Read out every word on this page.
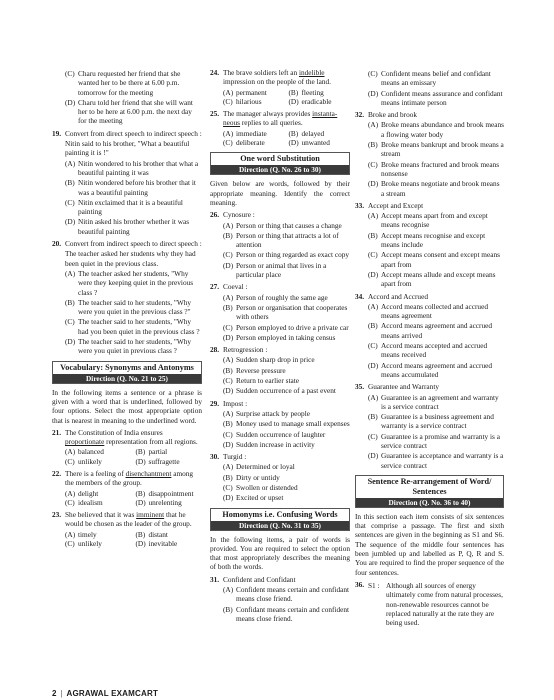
(C) Charu requested her friend that she wanted her to be there at 6.00 p.m. tomorrow for the meeting
(D) Charu told her friend that she will want her to be here at 6.00 p.m. the next day for the meeting
19. Convert from direct speech to indirect speech :
Nitin said to his brother, "What a beautiful painting it is !"
(A) Nitin wondered to his brother that what a beautiful painting it was
(B) Nitin wondered before his brother that it was a beautiful painting
(C) Nitin exclaimed that it is a beautiful painting
(D) Nitin asked his brother whether it was beautiful painting
20. Convert from indirect speech to direct speech :
The teacher asked her students why they had been quiet in the previous class.
(A) The teacher asked her students, "Why were they keeping quiet in the previous class ?
(B) The teacher said to her students, "Why were you quiet in the previous class ?"
(C) The teacher said to her students, "Why had you been quiet in the previous class ?
(D) The teacher said to her students, "Why were you quiet in previous class ?
Vocabulary: Synonyms and Antonyms
Direction (Q. No. 21 to 25)
In the following items a sentence or a phrase is given with a word that is underlined, followed by four options. Select the most appropriate option that is nearest in meaning to the underlined word.
21. The Constitution of India ensures proportionate representation from all regions.
(A) balanced	(B) partial
(C) unlikely	(D) suffragette
22. There is a feeling of disenchantment among the members of the group.
(A) delight	(B) disappointment
(C) idealism	(D) unrelenting
23. She believed that it was imminent that he would be chosen as the leader of the group.
(A) timely	(B) distant
(C) unlikely	(D) inevitable
24. The brave soldiers left an indelible impression on the people of the land.
(A) permanent	(B) fleeting
(C) hilarious	(D) eradicable
25. The manager always provides instanta-neous replies to all queries.
(A) immediate	(B) delayed
(C) deliberate	(D) unwanted
One word Substitution
Direction (Q. No. 26 to 30)
Given below are words, followed by their appropriate meaning. Identify the correct meaning.
26. Cynosure :
(A) Person or thing that causes a change
(B) Person or thing that attracts a lot of attention
(C) Person or thing regarded as exact copy
(D) Person or animal that lives in a particular place
27. Coeval :
(A) Person of roughly the same age
(B) Person or organisation that cooperates with others
(C) Person employed to drive a private car
(D) Person employed in taking census
28. Retrogression :
(A) Sudden sharp drop in price
(B) Reverse pressure
(C) Return to earlier state
(D) Sudden occurrence of a past event
29. Impost :
(A) Surprise attack by people
(B) Money used to manage small expenses
(C) Sudden occurrence of laughter
(D) Sudden increase in activity
30. Turgid :
(A) Determined or loyal
(B) Dirty or untidy
(C) Swollen or distended
(D) Excited or upset
Homonyms i.e. Confusing Words
Direction (Q. No. 31 to 35)
In the following items, a pair of words is provided. You are required to select the option that most appropriately describes the meaning of both the words.
31. Confident and Confidant
(A) Confident means certain and confidant means close friend.
(B) Confidant means certain and confident means close friend.
(C) Confident means belief and confidant means an emissary
(D) Confident means assurance and confidant means intimate person
32. Broke and brook
(A) Broke means abundance and brook means a flowing water body
(B) Broke means bankrupt and brook means a stream
(C) Broke means fractured and brook means nonsense
(D) Broke means negotiate and brook means a stream
33. Accept and Except
(A) Accept means apart from and except means recognise
(B) Accept means recognise and except means include
(C) Accept means consent and except means apart from
(D) Accept means allude and except means apart from
34. Accord and Accrued
(A) Accord means collected and accrued means agreement
(B) Accord means agreement and accrued means arrived
(C) Accord means accepted and accrued means received
(D) Accord means agreement and accrued means accumulated
35. Guarantee and Warranty
(A) Guarantee is an agreement and warranty is a service contract
(B) Guarantee is a business agreement and warranty is a service contract
(C) Guarantee is a promise and warranty is a service contract
(D) Guarantee is acceptance and warranty is a service contract
Sentence Re-arrangement of Word/ Sentences
Direction (Q. No. 36 to 40)
In this section each item consists of six sentences that comprise a passage. The first and sixth sentences are given in the beginning as S1 and S6. The sequence of the middle four sentences has been jumbled up and labelled as P, Q, R and S. You are required to find the proper sequence of the four sentences.
36. S1 : Although all sources of energy ultimately come from natural processes, non-renewable resources cannot be replaced naturally at the rate they are being used.
2 | AGRAWAL EXAMCART
